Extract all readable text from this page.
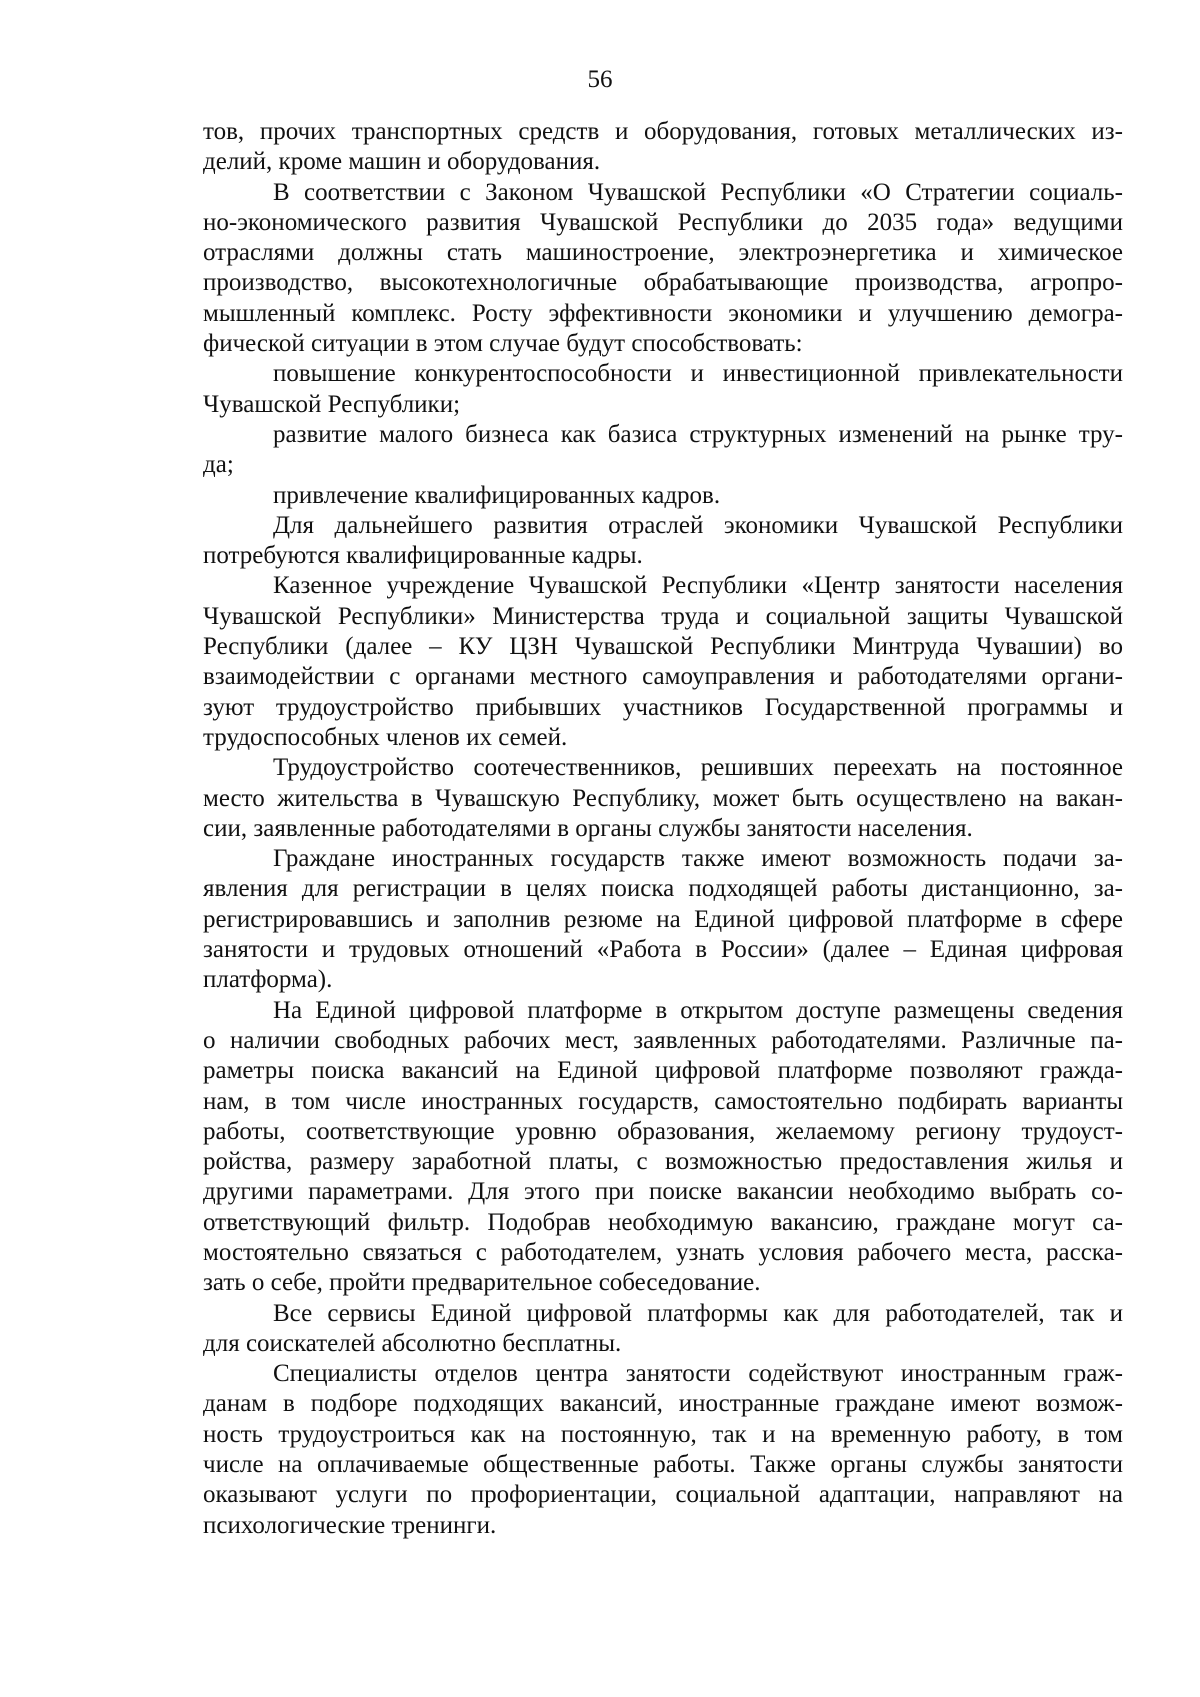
56

тов, прочих транспортных средств и оборудования, готовых металлических из-
делий, кроме машин и оборудования.

В соответствии с Законом Чувашской Республики «О Стратегии социаль-
но-экономического развития Чувашской Республики до 2035 года» ведущими
отраслями должны стать машиностроение, электроэнергетика и химическое
производство, высокотехнологичные обрабатывающие производства, агропро-
мышленный комплекс. Росту эффективности экономики и улучшению демогра-
фической ситуации в этом случае будут способствовать:

повышение конкурентоспособности и инвестиционной привлекательности
Чувашской Республики;

развитие малого бизнеса как базиса структурных изменений на рынке тру-
да;

привлечение квалифицированных кадров.

Для дальнейшего развития отраслей экономики Чувашской Республики
потребуются квалифицированные кадры.

Казенное учреждение Чувашской Республики «Центр занятости населения
Чувашской Республики» Министерства труда и социальной защиты Чувашской
Республики (далее – КУ ЦЗН Чувашской Республики Минтруда Чувашии) во
взаимодействии с органами местного самоуправления и работодателями органи-
зуют трудоустройство прибывших участников Государственной программы и
трудоспособных членов их семей.

Трудоустройство соотечественников, решивших переехать на постоянное
место жительства в Чувашскую Республику, может быть осуществлено на вакан-
сии, заявленные работодателями в органы службы занятости населения.

Граждане иностранных государств также имеют возможность подачи за-
явления для регистрации в целях поиска подходящей работы дистанционно, за-
регистрировавшись и заполнив резюме на Единой цифровой платформе в сфере
занятости и трудовых отношений «Работа в России» (далее – Единая цифровая
платформа).

На Единой цифровой платформе в открытом доступе размещены сведения
о наличии свободных рабочих мест, заявленных работодателями. Различные па-
раметры поиска вакансий на Единой цифровой платформе позволяют гражда-
нам, в том числе иностранных государств, самостоятельно подбирать варианты
работы, соответствующие уровню образования, желаемому региону трудоуст-
ройства, размеру заработной платы, с возможностью предоставления жилья и
другими параметрами. Для этого при поиске вакансии необходимо выбрать со-
ответствующий фильтр. Подобрав необходимую вакансию, граждане могут са-
мостоятельно связаться с работодателем, узнать условия рабочего места, расска-
зать о себе, пройти предварительное собеседование.

Все сервисы Единой цифровой платформы как для работодателей, так и
для соискателей абсолютно бесплатны.

Специалисты отделов центра занятости содействуют иностранным граж-
данам в подборе подходящих вакансий, иностранные граждане имеют возмож-
ность трудоустроиться как на постоянную, так и на временную работу, в том
числе на оплачиваемые общественные работы. Также органы службы занятости
оказывают услуги по профориентации, социальной адаптации, направляют на
психологические тренинги.
